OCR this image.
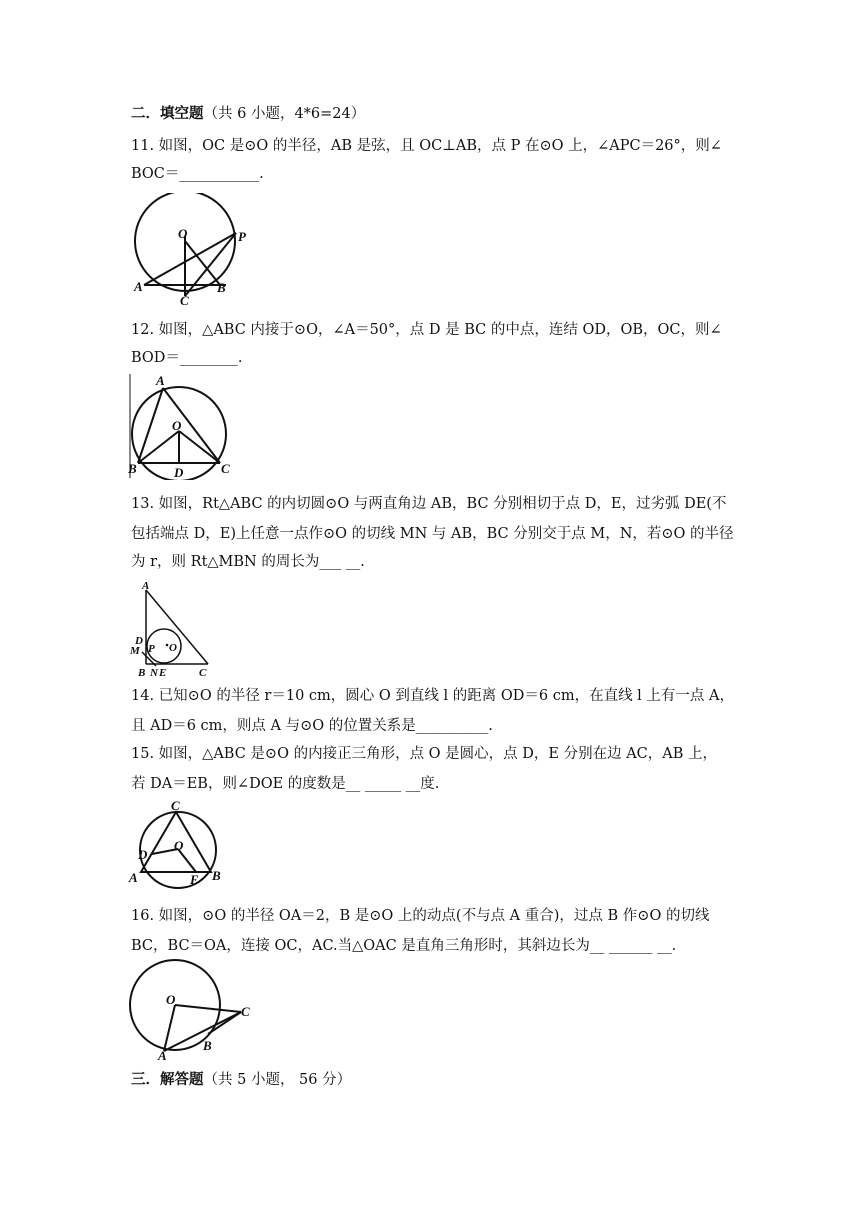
二．填空题（共 6 小题，4*6=24）
11. 如图，OC 是⊙O 的半径，AB 是弦，且 OC⊥AB，点 P 在⊙O 上，∠APC＝26°，则∠
BOC＝___________.
O	P
A	B
C
12. 如图，△ABC 内接于⊙O，∠A＝50°，点 D 是 BC 的中点，连结 OD，OB，OC，则∠
BOD＝________.
A
O
B	D	C
13. 如图，Rt△ABC 的内切圆⊙O 与两直角边 AB，BC 分别相切于点 D，E，过劣弧 DE(不
包括端点 D，E)上任意一点作⊙O 的切线 MN 与 AB，BC 分别交于点 M，N，若⊙O 的半径
A
D
M P O
B N E	C
为 r，则 Rt△MBN 的周长为___ __.
14. 已知⊙O 的半径 r＝10 cm，圆心 O 到直线 l 的距离 OD＝6 cm，在直线 l 上有一点 A，
且 AD＝6 cm，则点 A 与⊙O 的位置关系是__________.
15. 如图，△ABC 是⊙O 的内接正三角形，点 O 是圆心，点 D，E 分别在边 AC，AB 上，
若 DA＝EB，则∠DOE 的度数是__ _____ __度.
C
D
O
A	E B
16. 如图，⊙O 的半径 OA＝2，B 是⊙O 上的动点(不与点 A 重合)，过点 B 作⊙O 的切线
BC，BC＝OA，连接 OC，AC.当△OAC 是直角三角形时，其斜边长为__ ______ __.
O
C
A
B
三．解答题（共 5 小题， 56 分）
